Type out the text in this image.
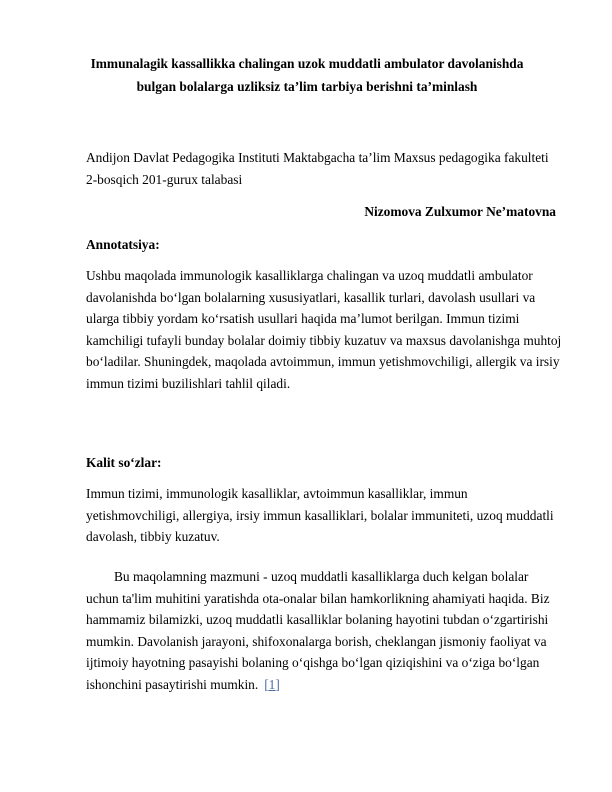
Immunalagik kassallikka chalingan uzok muddatli ambulator davolanishda bulgan bolalarga uzliksiz ta’lim tarbiya berishni ta’minlash

Andijon Davlat Pedagogika Instituti Maktabgacha ta’lim Maxsus pedagogika fakulteti 2-bosqich 201-gurux talabasi

Nizomova Zulxumor Ne’matovna

Annotatsiya:

Ushbu maqolada immunologik kasalliklarga chalingan va uzoq muddatli ambulator davolanishda bo‘lgan bolalarning xususiyatlari, kasallik turlari, davolash usullari va ularga tibbiy yordam ko‘rsatish usullari haqida ma’lumot berilgan. Immun tizimi kamchiligi tufayli bunday bolalar doimiy tibbiy kuzatuv va maxsus davolanishga muhtoj bo‘ladilar. Shuningdek, maqolada avtoimmun, immun yetishmovchiligi, allergik va irsiy immun tizimi buzilishlari tahlil qiladi.

Kalit so‘zlar:

Immun tizimi, immunologik kasalliklar, avtoimmun kasalliklar, immun yetishmovchiligi, allergiya, irsiy immun kasalliklari, bolalar immuniteti, uzoq muddatli davolash, tibbiy kuzatuv.

Bu maqolamning mazmuni - uzoq muddatli kasalliklarga duch kelgan bolalar uchun ta'lim muhitini yaratishda ota-onalar bilan hamkorlikning ahamiyati haqida. Biz hammamiz bilamizki, uzoq muddatli kasalliklar bolaning hayotini tubdan o‘zgartirishi mumkin. Davolanish jarayoni, shifoxonalarga borish, cheklangan jismoniy faoliyat va ijtimoiy hayotning pasayishi bolaning o‘qishga bo‘lgan qiziqishini va o‘ziga bo‘lgan ishonchini pasaytirishi mumkin. [1]
